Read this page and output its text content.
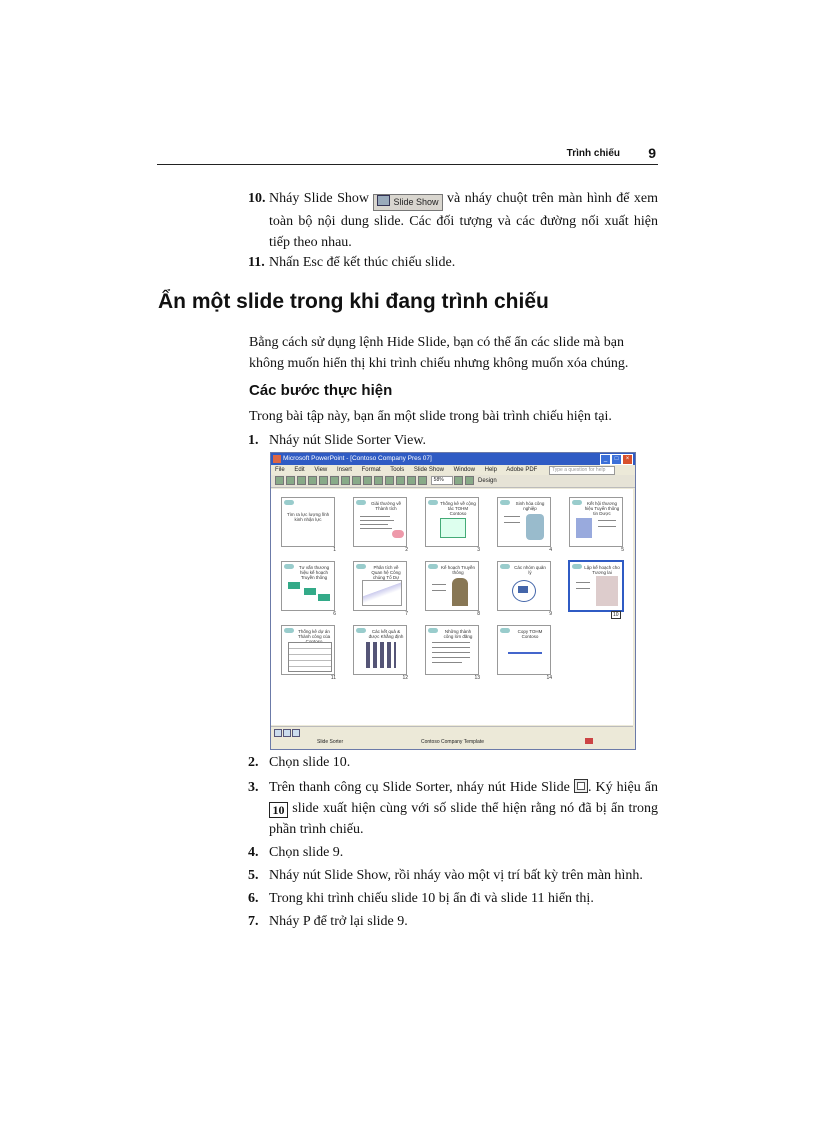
Trình chiếu 9
10. Nháy Slide Show	Slide Show và nháy chuột trên màn hình để xem toàn bộ nội dung slide. Các đối tượng và các đường nối xuất hiện tiếp theo nhau.
11. Nhấn Esc để kết thúc chiếu slide.
Ẩn một slide trong khi đang trình chiếu
Bằng cách sử dụng lệnh Hide Slide, bạn có thể ẩn các slide mà bạn không muốn hiển thị khi trình chiếu nhưng không muốn xóa chúng.
Các bước thực hiện
Trong bài tập này, bạn ẩn một slide trong bài trình chiếu hiện tại.
1. Nháy nút Slide Sorter View.
Microsoft PowerPoint - [Contoso Company Pres 07]	_	□	×
File Edit View Insert Format Tools Slide Show Window Help Adobe PDF	Type a question for help
58%	Design
Tìm ra lực lượng lĩnh kinh nhận lực
1
Giải thưởng về Thành tích
2
Thống kê về cộng tác TOHM Contoso
3
Sinh hóa công nghiệp
4
Kết hội thương hiệu Tuyển thông tin Dược
5
Tư vấn thương hiệu kế hoạch Truyền thông
6
Phân tích về Quan hệ Công chúng Tổ Dự
7
Kế hoạch Truyền thông
8
Các nhóm quản lý
9
Lập kế hoạch cho Tương lai
10
Thống kê dự án Thành công của
11
Các kết quả & được Khẳng định
12
Những thành công lớn đăng
13
Copy TOHM Contoso
14
Slide Sorter	Contoso Company Template
2. Chọn slide 10.
3. Trên thanh công cụ Slide Sorter, nháy nút Hide Slide . Ký hiệu ẩn 10 slide xuất hiện cùng với số slide thể hiện rằng nó đã bị ẩn trong phần trình chiếu.
4. Chọn slide 9.
5. Nháy nút Slide Show, rồi nháy vào một vị trí bất kỳ trên màn hình.
6. Trong khi trình chiếu slide 10 bị ẩn đi và slide 11 hiển thị.
7. Nháy P để trở lại slide 9.
